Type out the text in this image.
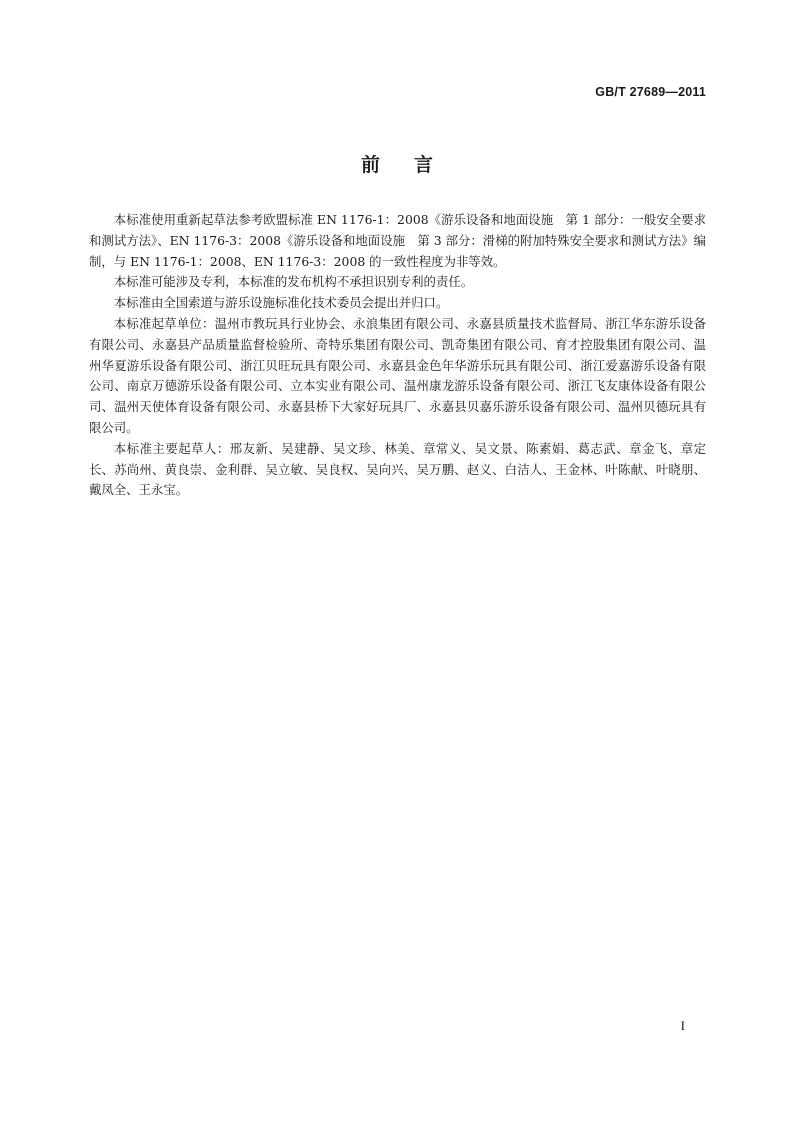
GB/T 27689—2011
前言

本标准使用重新起草法参考欧盟标准 EN 1176-1：2008《游乐设备和地面设施　第 1 部分：一般安全要求和测试方法》、EN 1176-3：2008《游乐设备和地面设施　第 3 部分：滑梯的附加特殊安全要求和测试方法》编制，与 EN 1176-1：2008、EN 1176-3：2008 的一致性程度为非等效。

本标准可能涉及专利，本标准的发布机构不承担识别专利的责任。

本标准由全国索道与游乐设施标准化技术委员会提出并归口。

本标准起草单位：温州市教玩具行业协会、永浪集团有限公司、永嘉县质量技术监督局、浙江华东游乐设备有限公司、永嘉县产品质量监督检验所、奇特乐集团有限公司、凯奇集团有限公司、育才控股集团有限公司、温州华夏游乐设备有限公司、浙江贝旺玩具有限公司、永嘉县金色年华游乐玩具有限公司、浙江爱嘉游乐设备有限公司、南京万德游乐设备有限公司、立本实业有限公司、温州康龙游乐设备有限公司、浙江飞友康体设备有限公司、温州天使体育设备有限公司、永嘉县桥下大家好玩具厂、永嘉县贝嘉乐游乐设备有限公司、温州贝德玩具有限公司。

本标准主要起草人：邢友新、吴建静、吴文珍、林美、章常义、吴文景、陈素娟、葛志武、章金飞、章定长、苏尚州、黄良崇、金利群、吴立敏、吴良权、吴向兴、吴万鹏、赵义、白洁人、王金林、叶陈献、叶晓朋、戴凤全、王永宝。

I
